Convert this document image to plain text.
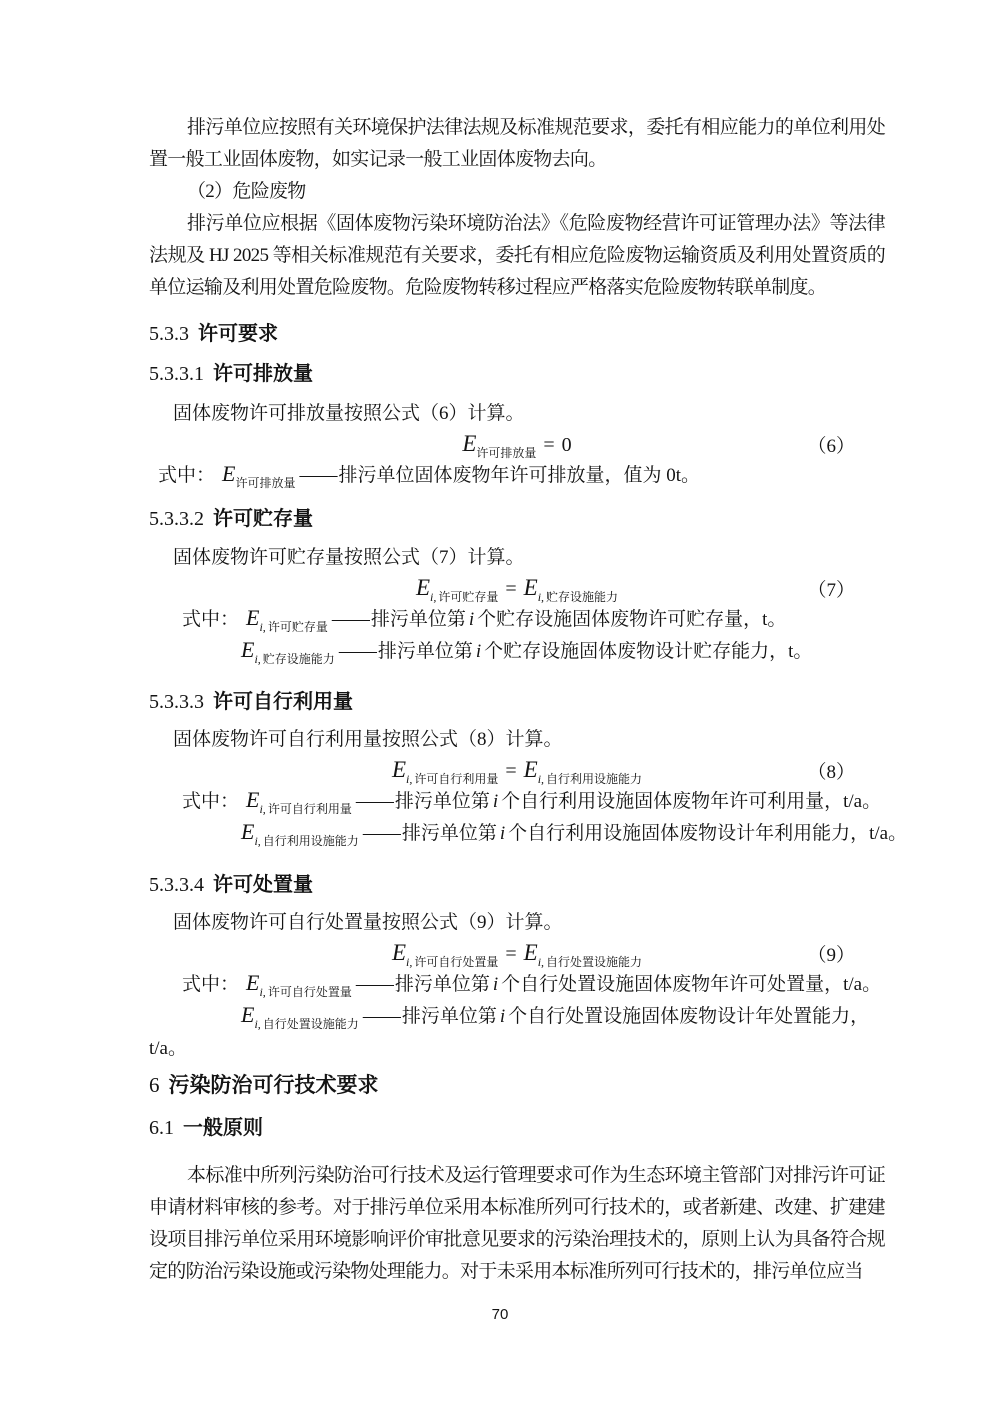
排污单位应按照有关环境保护法律法规及标准规范要求，委托有相应能力的单位利用处置一般工业固体废物，如实记录一般工业固体废物去向。

（2）危险废物

排污单位应根据《固体废物污染环境防治法》《危险废物经营许可证管理办法》等法律法规及 HJ 2025 等相关标准规范有关要求，委托有相应危险废物运输资质及利用处置资质的单位运输及利用处置危险废物。危险废物转移过程应严格落实危险废物转联单制度。

5.3.3 许可要求
5.3.3.1 许可排放量
固体废物许可排放量按照公式（6）计算。
$E_{许可排放量} = 0$	（6）
式中： $E_{许可排放量}$ ——排污单位固体废物年许可排放量，值为 0t。
5.3.3.2 许可贮存量
固体废物许可贮存量按照公式（7）计算。
$E_{i, 许可贮存量} = E_{i, 贮存设施能力}$	（7）
式中： $E_{i, 许可贮存量}$ ——排污单位第 i 个贮存设施固体废物许可贮存量，t。
$E_{i, 贮存设施能力}$ ——排污单位第 i 个贮存设施固体废物设计贮存能力，t。
5.3.3.3 许可自行利用量
固体废物许可自行利用量按照公式（8）计算。
$E_{i, 许可自行利用量} = E_{i, 自行利用设施能力}$	（8）
式中： $E_{i, 许可自行利用量}$ ——排污单位第 i 个自行利用设施固体废物年许可利用量，t/a。
$E_{i, 自行利用设施能力}$ ——排污单位第 i 个自行利用设施固体废物设计年利用能力，t/a。
5.3.3.4 许可处置量
固体废物许可自行处置量按照公式（9）计算。
$E_{i, 许可自行处置量} = E_{i, 自行处置设施能力}$	（9）
式中： $E_{i, 许可自行处置量}$ ——排污单位第 i 个自行处置设施固体废物年许可处置量，t/a。
$E_{i, 自行处置设施能力}$ ——排污单位第 i 个自行处置设施固体废物设计年处置能力，
t/a。
6 污染防治可行技术要求
6.1 一般原则

本标准中所列污染防治可行技术及运行管理要求可作为生态环境主管部门对排污许可证申请材料审核的参考。对于排污单位采用本标准所列可行技术的，或者新建、改建、扩建建设项目排污单位采用环境影响评价审批意见要求的污染治理技术的，原则上认为具备符合规定的防治污染设施或污染物处理能力。对于未采用本标准所列可行技术的，排污单位应当

70
